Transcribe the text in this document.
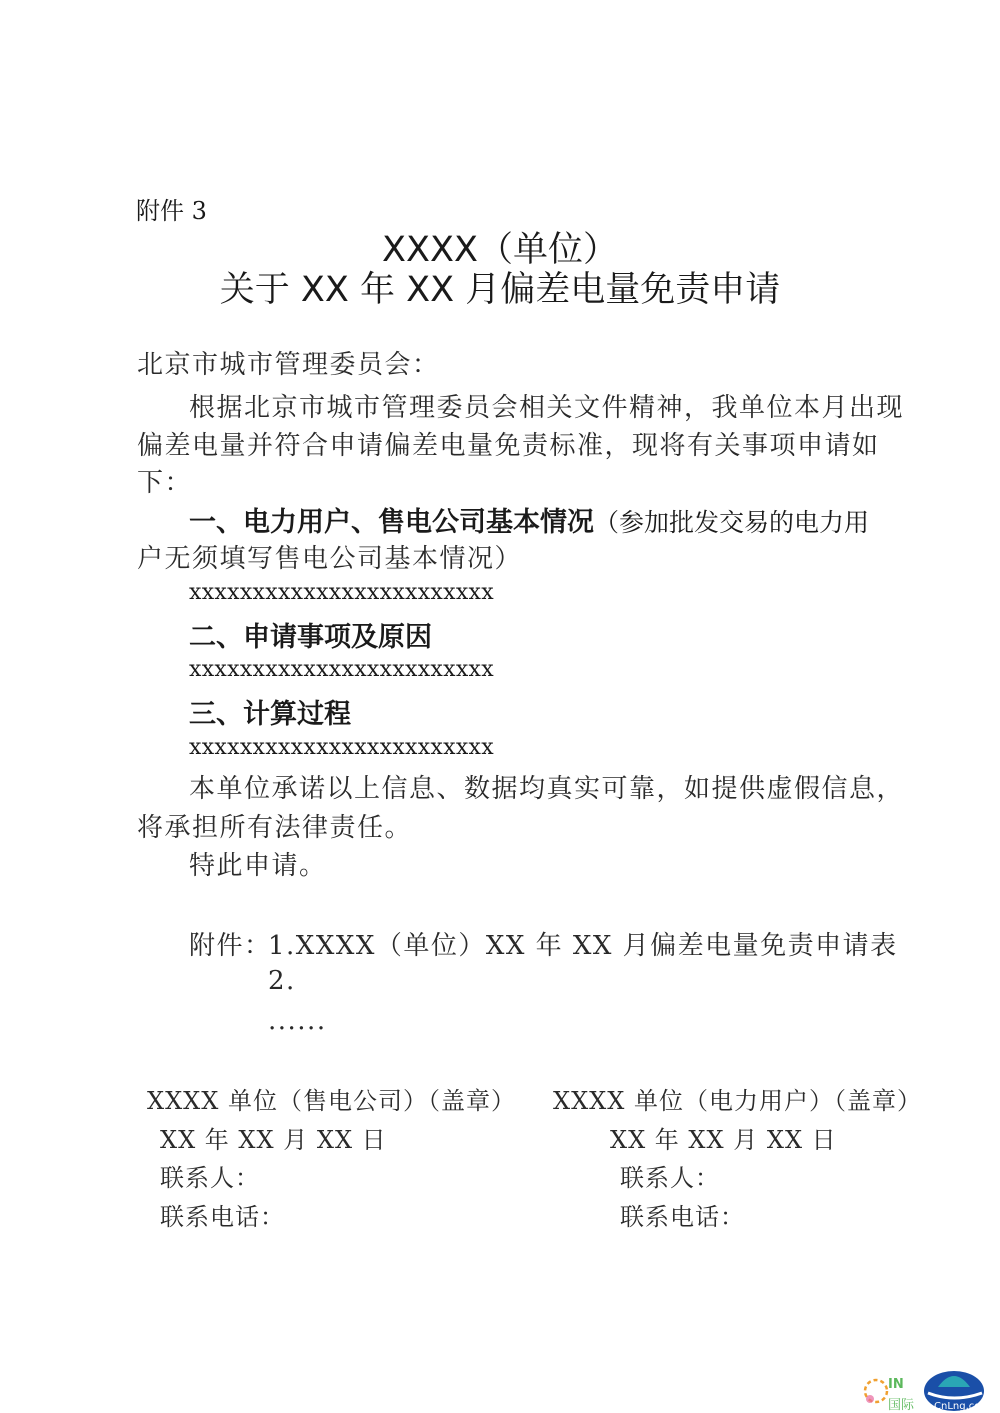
附件 3
XXXX（单位）
关于 XX 年 XX 月偏差电量免责申请
北京市城市管理委员会：
根据北京市城市管理委员会相关文件精神，我单位本月出现
偏差电量并符合申请偏差电量免责标准，现将有关事项申请如
下：
一、电力用户、售电公司基本情况（参加批发交易的电力用
户无须填写售电公司基本情况）
xxxxxxxxxxxxxxxxxxxxxxxx
二、申请事项及原因
xxxxxxxxxxxxxxxxxxxxxxxx
三、计算过程
xxxxxxxxxxxxxxxxxxxxxxxx
本单位承诺以上信息、数据均真实可靠，如提供虚假信息，
将承担所有法律责任。
特此申请。
附件：
1.XXXX（单位）XX 年 XX 月偏差电量免责申请表
2.
......
XXXX 单位（售电公司）（盖章）
XX 年 XX 月 XX 日
联系人：
联系电话：
XXXX 单位（电力用户）（盖章）
XX 年 XX 月 XX 日
联系人：
联系电话：
IN
国际 CnLng.com
